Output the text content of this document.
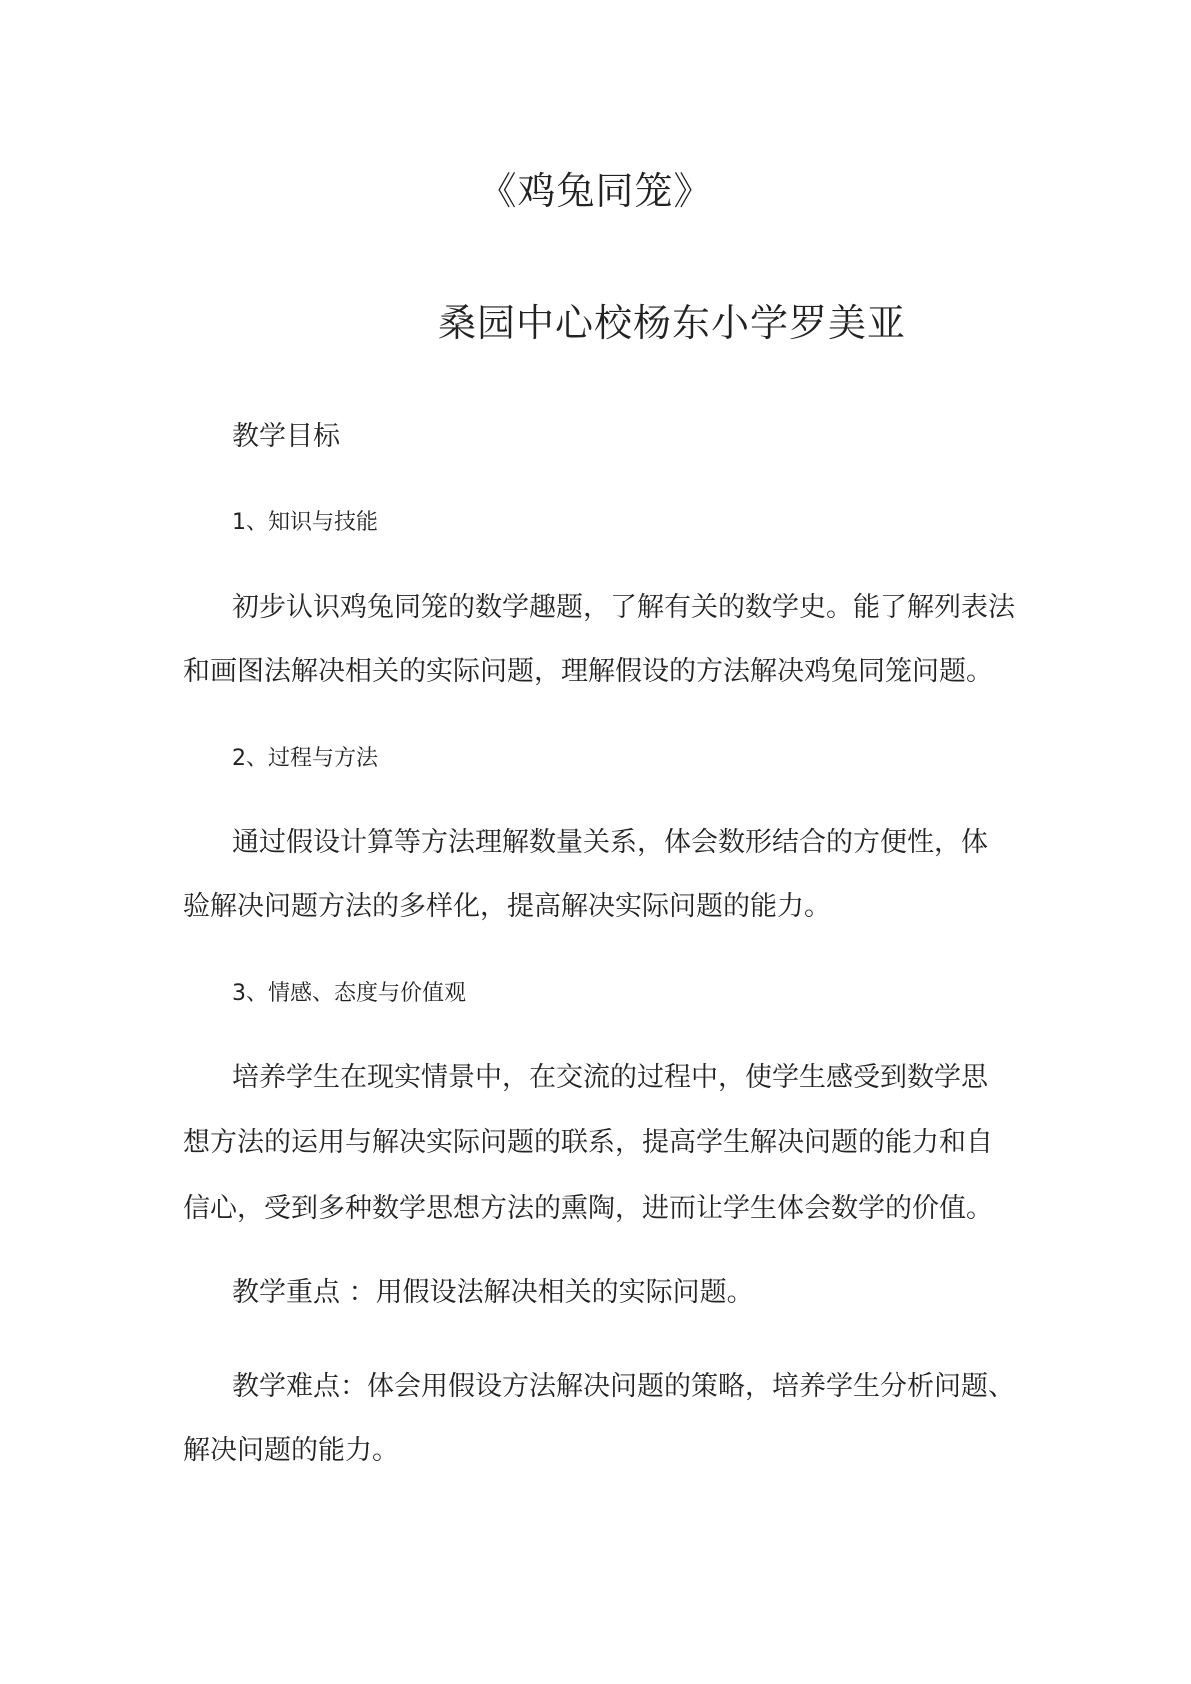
《鸡兔同笼》

桑园中心校杨东小学罗美亚

教学目标

1、知识与技能

初步认识鸡兔同笼的数学趣题，了解有关的数学史。能了解列表法

和画图法解决相关的实际问题，理解假设的方法解决鸡兔同笼问题。

2、过程与方法

通过假设计算等方法理解数量关系，体会数形结合的方便性，体

验解决问题方法的多样化，提高解决实际问题的能力。

3、情感、态度与价值观

培养学生在现实情景中，在交流的过程中，使学生感受到数学思

想方法的运用与解决实际问题的联系，提高学生解决问题的能力和自

信心，受到多种数学思想方法的熏陶，进而让学生体会数学的价值。

教学重点 ：用假设法解决相关的实际问题。

教学难点：体会用假设方法解决问题的策略，培养学生分析问题、

解决问题的能力。
